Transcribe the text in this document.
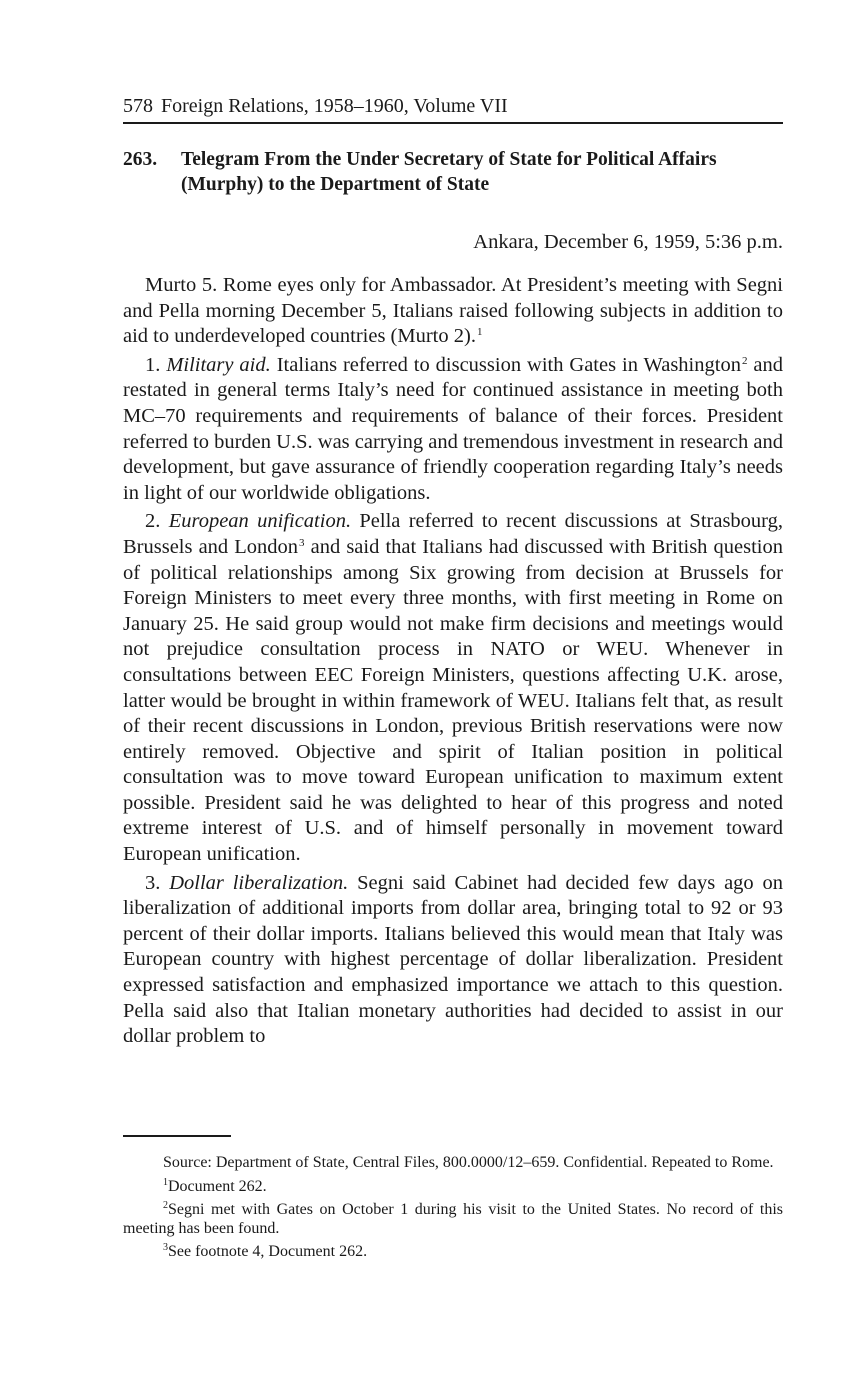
578 Foreign Relations, 1958–1960, Volume VII
263. Telegram From the Under Secretary of State for Political Affairs (Murphy) to the Department of State
Ankara, December 6, 1959, 5:36 p.m.

Murto 5. Rome eyes only for Ambassador. At President’s meeting with Segni and Pella morning December 5, Italians raised following subjects in addition to aid to underdeveloped countries (Murto 2).$^1$

1. Military aid. Italians referred to discussion with Gates in Washington$^2$ and restated in general terms Italy’s need for continued assistance in meeting both MC–70 requirements and requirements of balance of their forces. President referred to burden U.S. was carrying and tremendous investment in research and development, but gave assurance of friendly cooperation regarding Italy’s needs in light of our worldwide obligations.

2. European unification. Pella referred to recent discussions at Strasbourg, Brussels and London$^3$ and said that Italians had discussed with British question of political relationships among Six growing from decision at Brussels for Foreign Ministers to meet every three months, with first meeting in Rome on January 25. He said group would not make firm decisions and meetings would not prejudice consultation process in NATO or WEU. Whenever in consultations between EEC Foreign Ministers, questions affecting U.K. arose, latter would be brought in within framework of WEU. Italians felt that, as result of their recent discussions in London, previous British reservations were now entirely removed. Objective and spirit of Italian position in political consultation was to move toward European unification to maximum extent possible. President said he was delighted to hear of this progress and noted extreme interest of U.S. and of himself personally in movement toward European unification.

3. Dollar liberalization. Segni said Cabinet had decided few days ago on liberalization of additional imports from dollar area, bringing total to 92 or 93 percent of their dollar imports. Italians believed this would mean that Italy was European country with highest percentage of dollar liberalization. President expressed satisfaction and emphasized importance we attach to this question. Pella said also that Italian monetary authorities had decided to assist in our dollar problem to

Source: Department of State, Central Files, 800.0000/12–659. Confidential. Repeated to Rome.

$^1$Document 262.

$^2$Segni met with Gates on October 1 during his visit to the United States. No record of this meeting has been found.

$^3$See footnote 4, Document 262.
